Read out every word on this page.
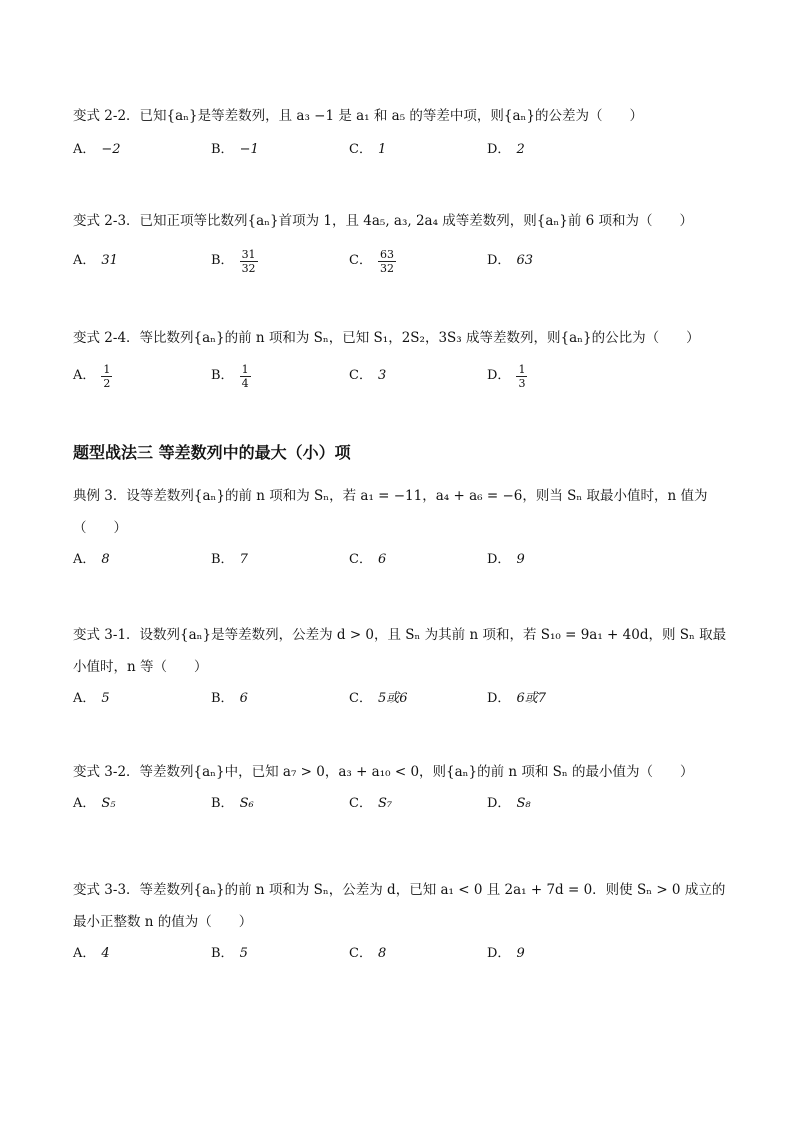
变式 2-2．已知{aₙ}是等差数列，且 a₃ −1 是 a₁ 和 a₅ 的等差中项，则{aₙ}的公差为（　　）
A． −2	B． −1	C． 1	D． 2
变式 2-3．已知正项等比数列{aₙ}首项为 1，且 4a₅, a₃, 2a₄ 成等差数列，则{aₙ}前 6 项和为（　　）
A． 31	B． $\frac{31}{32}$	C． $\frac{63}{32}$	D． 63
变式 2-4．等比数列{aₙ}的前 n 项和为 Sₙ，已知 S₁，2S₂，3S₃ 成等差数列，则{aₙ}的公比为（　　）
A． $\frac{1}{2}$	B． $\frac{1}{4}$	C． 3	D． $\frac{1}{3}$
题型战法三 等差数列中的最大（小）项
典例 3．设等差数列{aₙ}的前 n 项和为 Sₙ，若 a₁ = −11，a₄ + a₆ = −6，则当 Sₙ 取最小值时，n 值为（　　）
A． 8	B． 7	C． 6	D． 9
变式 3-1．设数列{aₙ}是等差数列，公差为 d > 0，且 Sₙ 为其前 n 项和，若 S₁₀ = 9a₁ + 40d，则 Sₙ 取最小值时，n 等（　　）
A． 5	B． 6	C． 5或6	D． 6或7
变式 3-2．等差数列{aₙ}中，已知 a₇ > 0，a₃ + a₁₀ < 0，则{aₙ}的前 n 项和 Sₙ 的最小值为（　　）
A． S₅	B． S₆	C． S₇	D． S₈
变式 3-3．等差数列{aₙ}的前 n 项和为 Sₙ，公差为 d，已知 a₁ < 0 且 2a₁ + 7d = 0．则使 Sₙ > 0 成立的最小正整数 n 的值为（　　）
A． 4	B． 5	C． 8	D． 9
